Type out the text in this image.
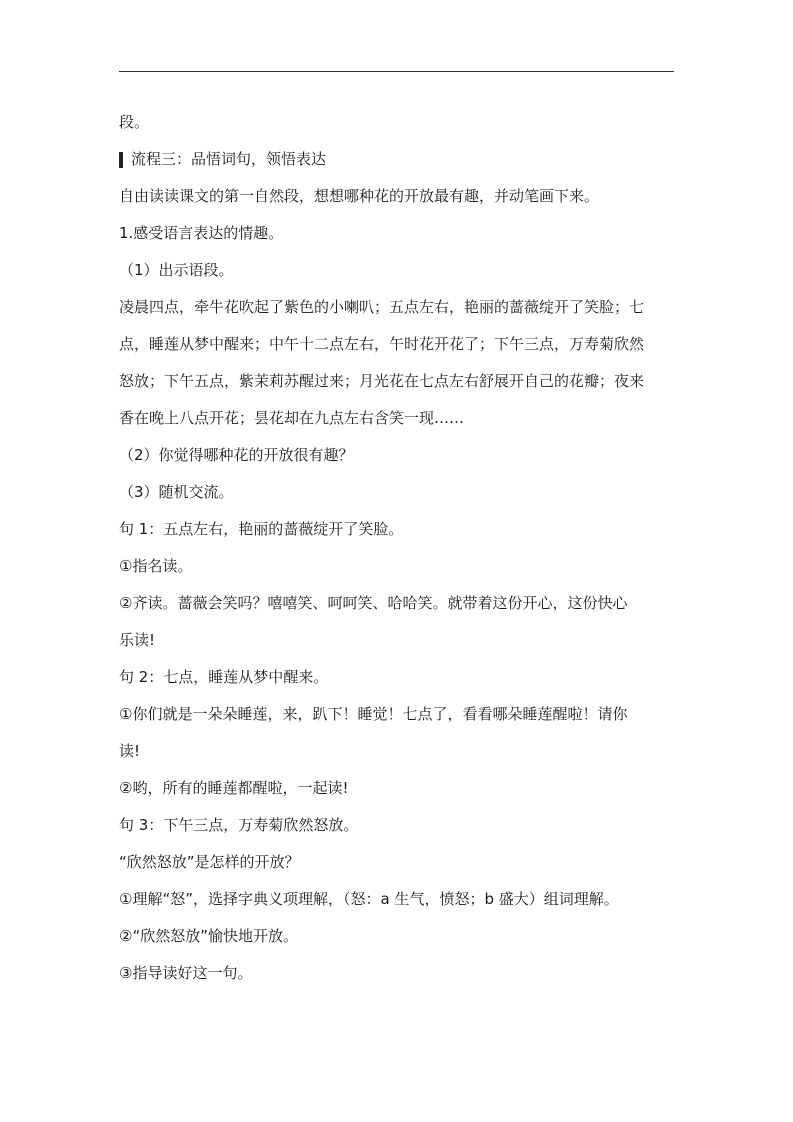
段。

流程三：品悟词句，领悟表达

自由读读课文的第一自然段，想想哪种花的开放最有趣，并动笔画下来。

1.感受语言表达的情趣。

（1）出示语段。

凌晨四点，牵牛花吹起了紫色的小喇叭；五点左右，艳丽的蔷薇绽开了笑脸；七

点，睡莲从梦中醒来；中午十二点左右，午时花开花了；下午三点，万寿菊欣然

怒放；下午五点，紫茉莉苏醒过来；月光花在七点左右舒展开自己的花瓣；夜来

香在晚上八点开花；昙花却在九点左右含笑一现……

（2）你觉得哪种花的开放很有趣？

（3）随机交流。

句 1：五点左右，艳丽的蔷薇绽开了笑脸。

①指名读。

②齐读。蔷薇会笑吗？嘻嘻笑、呵呵笑、哈哈笑。就带着这份开心，这份快心

乐读!

句 2：七点，睡莲从梦中醒来。

①你们就是一朵朵睡莲，来，趴下！睡觉！七点了，看看哪朵睡莲醒啦！请你

读!

②哟，所有的睡莲都醒啦，一起读!

句 3：下午三点，万寿菊欣然怒放。

“欣然怒放”是怎样的开放？

①理解“怒”，选择字典义项理解，（怒：a 生气，愤怒；b 盛大）组词理解。

②“欣然怒放”愉快地开放。

③指导读好这一句。
